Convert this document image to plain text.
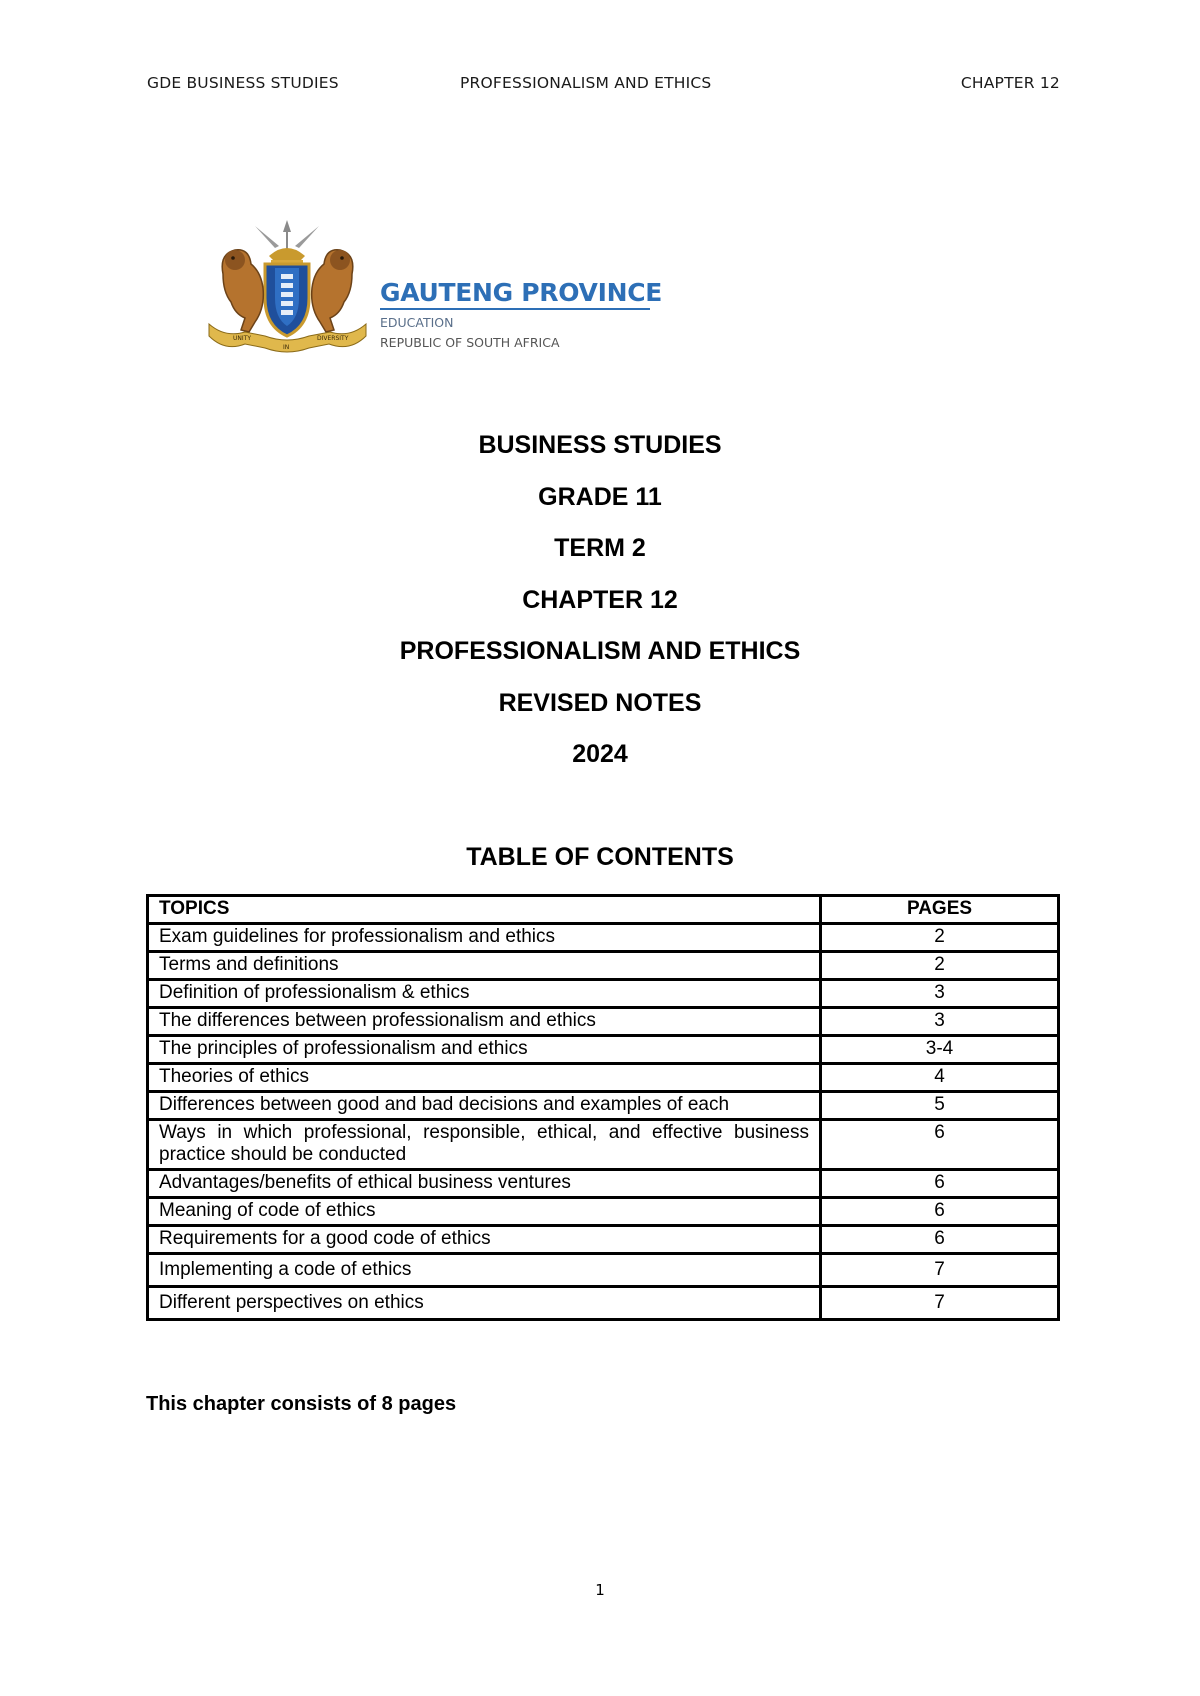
GDE BUSINESS STUDIES	PROFESSIONALISM AND ETHICS	CHAPTER 12
UNITY
IN
DIVERSITY
GAUTENG PROVINCE
EDUCATION
REPUBLIC OF SOUTH AFRICA
BUSINESS STUDIES
GRADE 11
TERM 2
CHAPTER 12
PROFESSIONALISM AND ETHICS
REVISED NOTES
2024
TABLE OF CONTENTS
TOPICS	PAGES
Exam guidelines for professionalism and ethics	2
Terms and definitions	2
Definition of professionalism & ethics	3
The differences between professionalism and ethics	3
The principles of professionalism and ethics	3-4
Theories of ethics	4
Differences between good and bad decisions and examples of each	5
Ways in which professional, responsible, ethical, and effective business practice should be conducted	6
Advantages/benefits of ethical business ventures	6
Meaning of code of ethics	6
Requirements for a good code of ethics	6
Implementing a code of ethics	7
Different perspectives on ethics	7
This chapter consists of 8 pages
1
